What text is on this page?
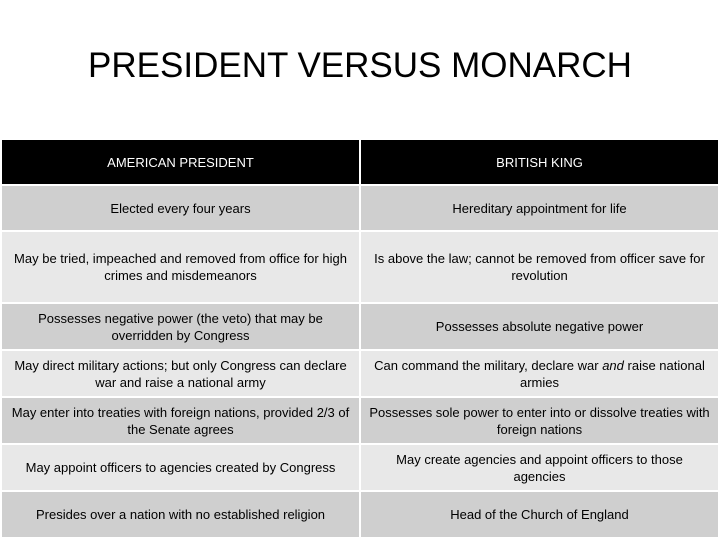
PRESIDENT VERSUS MONARCH
AMERICAN PRESIDENT	BRITISH KING
Elected every four years	Hereditary appointment for life
May be tried, impeached and removed from office for high crimes and misdemeanors	Is above the law; cannot be removed from officer save for revolution
Possesses negative power (the veto) that may be overridden by Congress	Possesses absolute negative power
May direct military actions; but only Congress can declare war and raise a national army	Can command the military, declare war and raise national armies
May enter into treaties with foreign nations, provided 2/3 of the Senate agrees	Possesses sole power to enter into or dissolve treaties with foreign nations
May appoint officers to agencies created by Congress	May create agencies and appoint officers to those agencies
Presides over a nation with no established religion	Head of the Church of England
